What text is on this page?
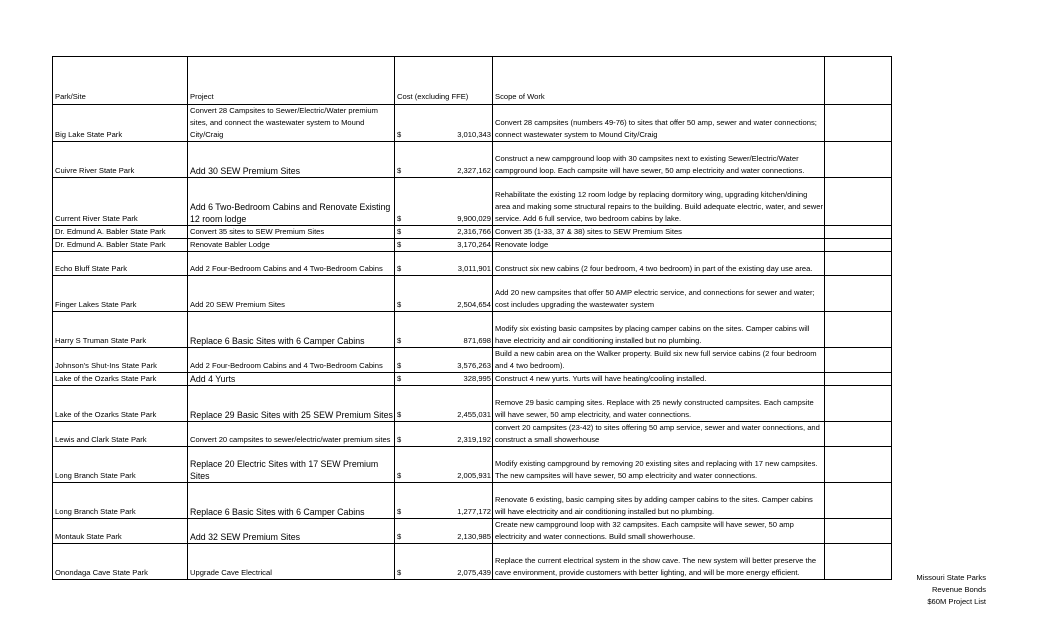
Park/Site	Project	Cost (excluding FFE)	Scope of Work	
Big Lake State Park	Convert 28 Campsites to Sewer/Electric/Water premium sites, and connect the wastewater system to Mound City/Craig	$ 3,010,343	Convert 28 campsites (numbers 49-76) to sites that offer 50 amp, sewer and water connections; connect wastewater system to Mound City/Craig	
Cuivre River State Park	Add 30 SEW Premium Sites	$ 2,327,162	Construct a new campground loop with 30 campsites next to existing Sewer/Electric/Water campground loop. Each campsite will have sewer, 50 amp electricity and water connections.	
Current River State Park	Add 6 Two-Bedroom Cabins and Renovate Existing 12 room lodge	$ 9,900,029	Rehabilitate the existing 12 room lodge by replacing dormitory wing, upgrading kitchen/dining area and making some structural repairs to the building. Build adequate electric, water, and sewer service. Add 6 full service, two bedroom cabins by lake.	
Dr. Edmund A. Babler State Park	Convert 35 sites to SEW Premium Sites	$ 2,316,766	Convert 35 (1-33, 37 & 38) sites to SEW Premium Sites	
Dr. Edmund A. Babler State Park	Renovate Babler Lodge	$ 3,170,264	Renovate lodge	
Echo Bluff State Park	Add 2 Four-Bedroom Cabins and 4 Two-Bedroom Cabins	$ 3,011,901	Construct six new cabins (2 four bedroom, 4 two bedroom) in part of the existing day use area.	
Finger Lakes State Park	Add 20 SEW Premium Sites	$ 2,504,654	Add 20 new campsites that offer 50 AMP electric service, and connections for sewer and water; cost includes upgrading the wastewater system	
Harry S Truman State Park	Replace 6 Basic Sites with 6 Camper Cabins	$ 871,698	Modify six existing basic campsites by placing camper cabins on the sites. Camper cabins will have electricity and air conditioning installed but no plumbing.	
Johnson's Shut-Ins State Park	Add 2 Four-Bedroom Cabins and 4 Two-Bedroom Cabins	$ 3,576,263	Build a new cabin area on the Walker property. Build six new full service cabins (2 four bedroom and 4 two bedroom).	
Lake of the Ozarks State Park	Add 4 Yurts	$ 328,995	Construct 4 new yurts. Yurts will have heating/cooling installed.	
Lake of the Ozarks State Park	Replace 29 Basic Sites with 25 SEW Premium Sites	$ 2,455,031	Remove 29 basic camping sites. Replace with 25 newly constructed campsites. Each campsite will have sewer, 50 amp electricity, and water connections.	
Lewis and Clark State Park	Convert 20 campsites to sewer/electric/water premium sites	$ 2,319,192	convert 20 campsites (23-42) to sites offering 50 amp service, sewer and water connections, and construct a small showerhouse	
Long Branch State Park	Replace 20 Electric Sites with 17 SEW Premium Sites	$ 2,005,931	Modify existing campground by removing 20 existing sites and replacing with 17 new campsites. The new campsites will have sewer, 50 amp electricity and water connections.	
Long Branch State Park	Replace 6 Basic Sites with 6 Camper Cabins	$ 1,277,172	Renovate 6 existing, basic camping sites by adding camper cabins to the sites. Camper cabins will have electricity and air conditioning installed but no plumbing.	
Montauk State Park	Add 32 SEW Premium Sites	$ 2,130,985	Create new campground loop with 32 campsites. Each campsite will have sewer, 50 amp electricity and water connections. Build small showerhouse.	
Onondaga Cave State Park	Upgrade Cave Electrical	$ 2,075,439	Replace the current electrical system in the show cave. The new system will better preserve the cave environment, provide customers with better lighting, and will be more energy efficient.	
Missouri State Parks
Revenue Bonds
$60M Project List
